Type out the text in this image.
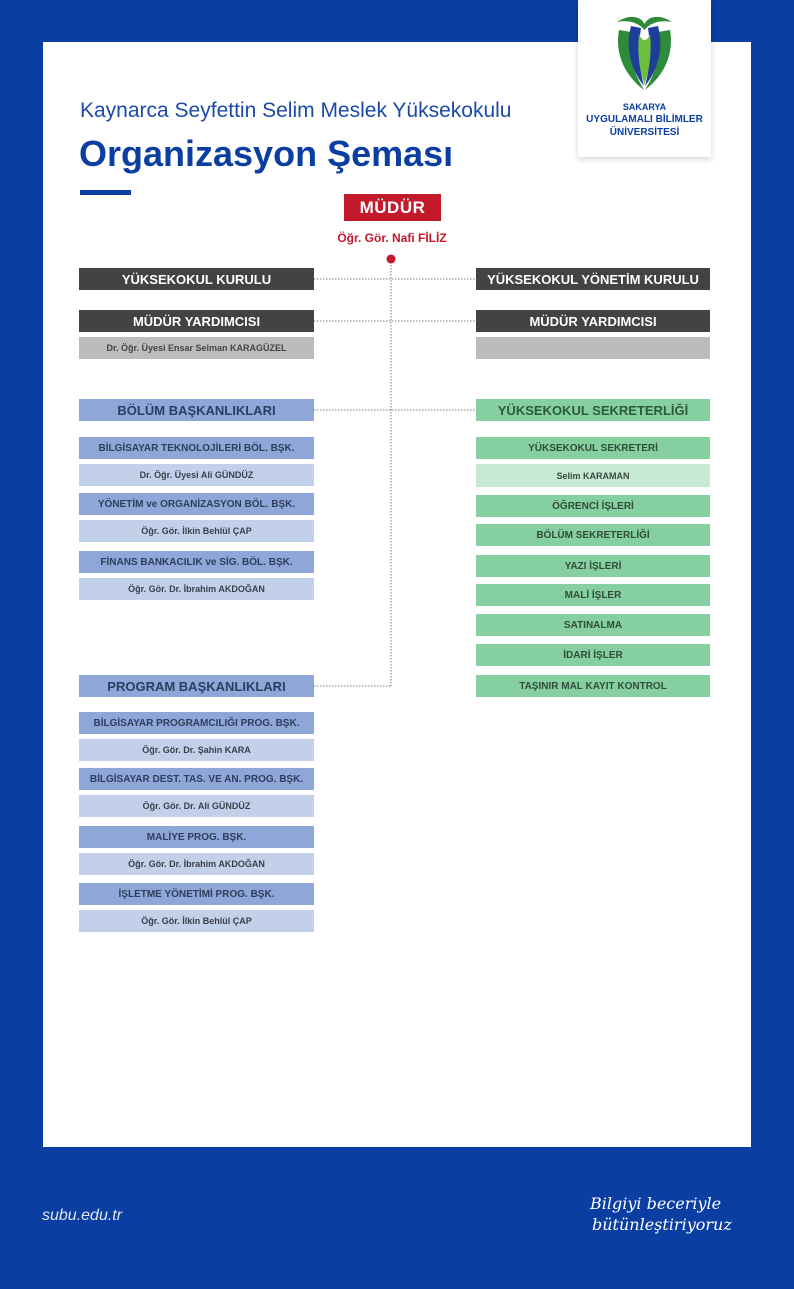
SAKARYA
UYGULAMALI BİLİMLER
ÜNİVERSİTESİ
Kaynarca Seyfettin Selim Meslek Yüksekokulu
Organizasyon Şeması
MÜDÜR
Öğr. Gör. Nafi FİLİZ
YÜKSEKOKUL KURULU
MÜDÜR YARDIMCISI
Dr. Öğr. Üyesi Ensar Selman KARAGÜZEL
YÜKSEKOKUL YÖNETİM KURULU
MÜDÜR YARDIMCISI
BÖLÜM BAŞKANLIKLARI
BİLGİSAYAR TEKNOLOJİLERİ BÖL. BŞK.
Dr. Öğr. Üyesi Ali GÜNDÜZ
YÖNETİM ve ORGANİZASYON BÖL. BŞK.
Öğr. Gör. İlkin Behlül ÇAP
FİNANS BANKACILIK ve SİG. BÖL. BŞK.
Öğr. Gör. Dr. İbrahim AKDOĞAN
PROGRAM BAŞKANLIKLARI
BİLGİSAYAR PROGRAMCILIĞI PROG. BŞK.
Öğr. Gör. Dr. Şahin KARA
BİLGİSAYAR DEST. TAS. VE AN. PROG. BŞK.
Öğr. Gör. Dr. Ali GÜNDÜZ
MALİYE PROG. BŞK.
Öğr. Gör. Dr. İbrahim AKDOĞAN
İŞLETME YÖNETİMİ PROG. BŞK.
Öğr. Gör. İlkin Behlül ÇAP
YÜKSEKOKUL SEKRETERLİĞİ
YÜKSEKOKUL SEKRETERİ
Selim KARAMAN
ÖĞRENCİ İŞLERİ
BÖLÜM SEKRETERLİĞİ
YAZI İŞLERİ
MALİ İŞLER
SATINALMA
İDARİ İŞLER
TAŞINIR MAL KAYIT KONTROL
subu.edu.tr
Bilgiyi beceriyle
bütünleştiriyoruz
